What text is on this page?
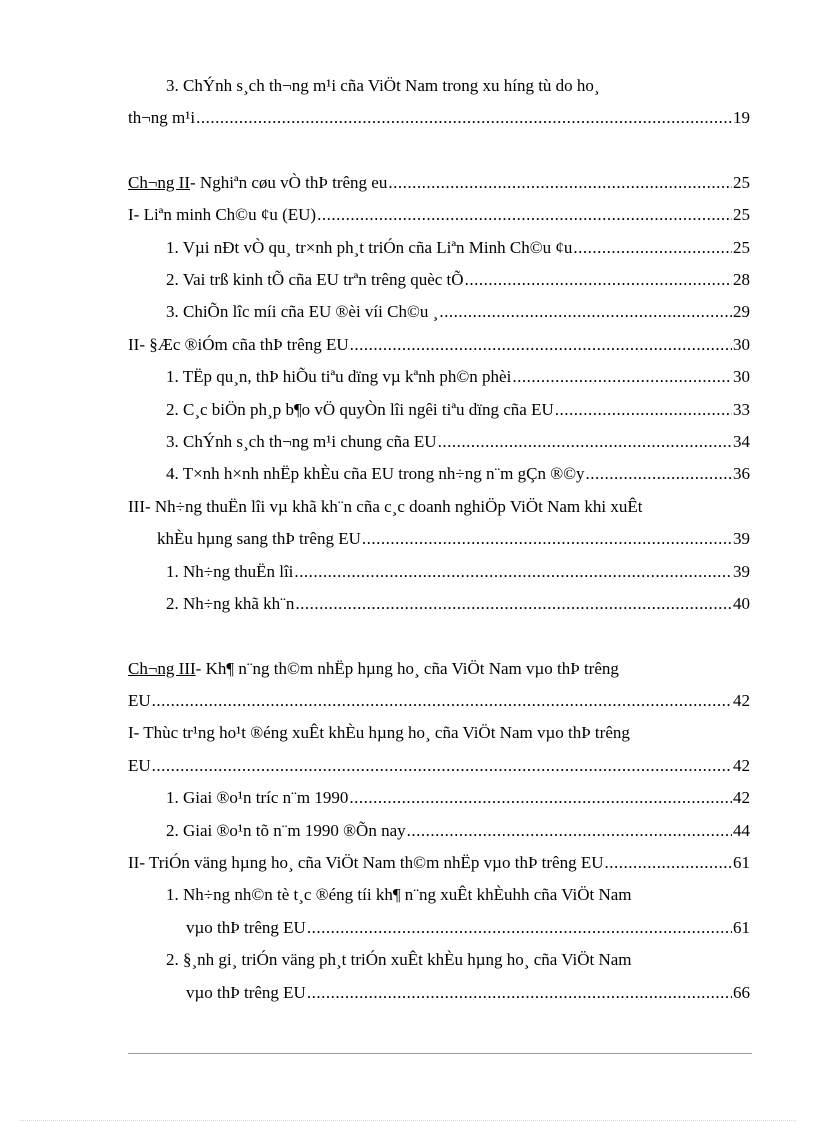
3. ChÝnh s¸ch th¬ng m¹i cña ViÖt Nam trong xu híng tù do ho¸
th¬ng m¹i .....	19
Ch¬ng II- Nghiªn cøu vÒ thÞ trêng eu .....	25
I- Liªn minh Ch©u ¢u (EU) .....	25
1. Vµi nÐt vÒ qu¸ tr×nh ph¸t triÓn cña Liªn Minh Ch©u ¢u .....	25
2. Vai trß kinh tÕ cña EU trªn trêng quèc tÕ .....	28
3. ChiÕn lîc míi cña EU ®èi víi Ch©u ¸ .....	29
II- §Æc ®iÓm cña thÞ trêng EU .....	30
1. TËp qu¸n, thÞ hiÕu tiªu dïng vµ kªnh ph©n phèi .....	30
2. C¸c biÖn ph¸p b¶o vÖ quyÒn lîi ngêi tiªu dïng cña EU .....	33
3. ChÝnh s¸ch th¬ng m¹i chung cña EU .....	34
4. T×nh h×nh nhËp khÈu cña EU trong nh÷ng n¨m gÇn ®©y .....	36
III- Nh÷ng thuËn lîi vµ khã kh¨n cña c¸c doanh nghiÖp ViÖt Nam khi xuÊt
khÈu hµng sang thÞ trêng EU .....	39
1. Nh÷ng thuËn lîi .....	39
2. Nh÷ng khã kh¨n .....	40
Ch¬ng III- Kh¶ n¨ng th©m nhËp hµng ho¸ cña ViÖt Nam vµo thÞ trêng
EU .....	42
I- Thùc tr¹ng ho¹t ®éng xuÊt khÈu hµng ho¸ cña ViÖt Nam vµo thÞ trêng
EU .....	42
1. Giai ®o¹n tríc n¨m 1990 .....	42
2. Giai ®o¹n tõ n¨m 1990 ®Õn nay .....	44
II- TriÓn väng hµng ho¸ cña ViÖt Nam th©m nhËp vµo thÞ trêng EU .....	61
1. Nh÷ng nh©n tè t¸c ®éng tíi kh¶ n¨ng xuÊt khÈuhh cña ViÖt Nam
vµo thÞ trêng EU .....	61
2. §¸nh gi¸ triÓn väng ph¸t triÓn xuÊt khÈu hµng ho¸ cña ViÖt Nam
vµo thÞ trêng EU .....	66
